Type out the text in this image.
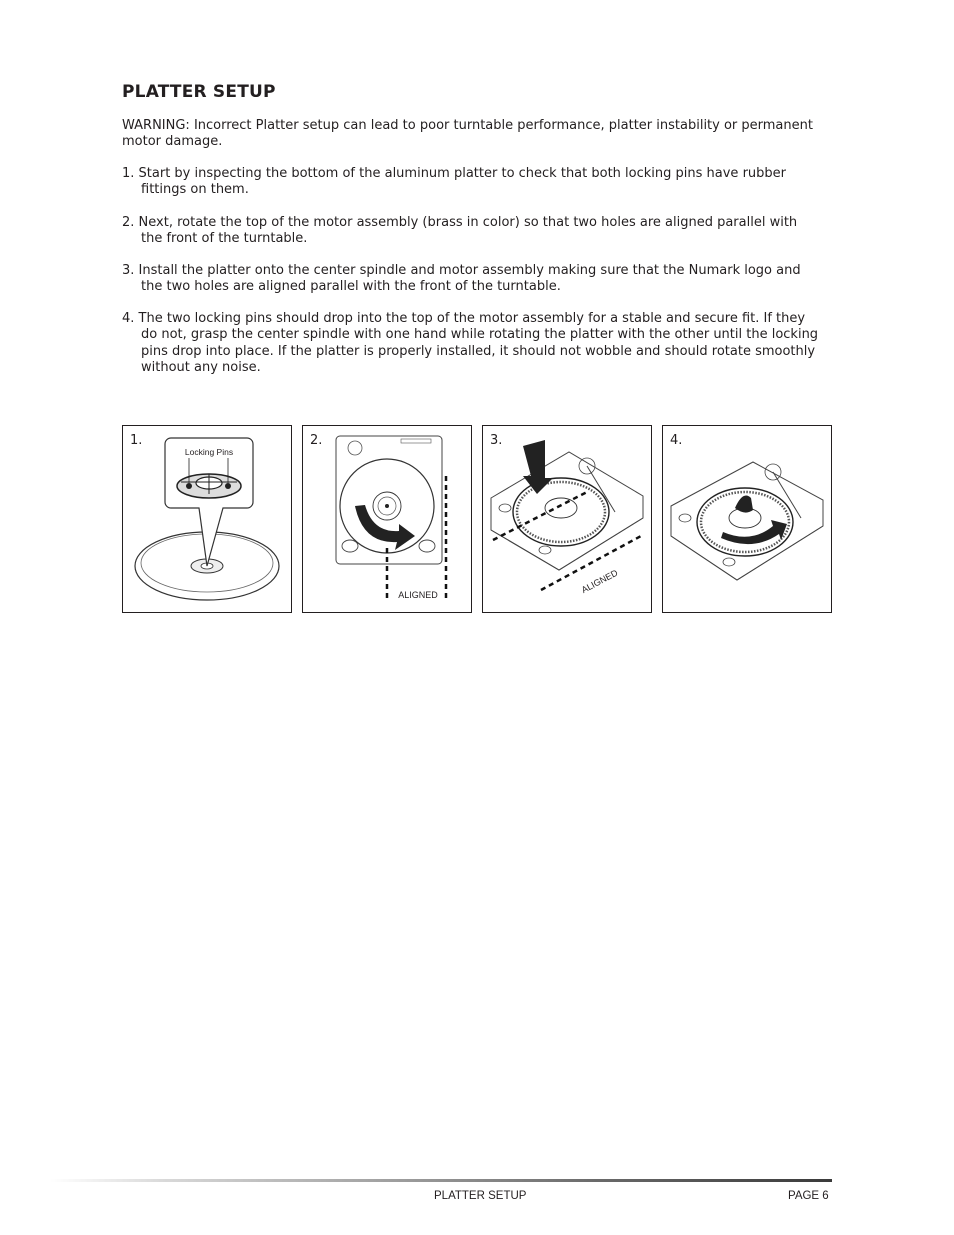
PLATTER SETUP
WARNING: Incorrect Platter setup can lead to poor turntable performance, platter instability or permanent motor damage.
1. Start by inspecting the bottom of the aluminum platter to check that both locking pins have rubber
fittings on them.
2. Next, rotate the top of the motor assembly (brass in color) so that two holes are aligned parallel with
the front of the turntable.
3. Install the platter onto the center spindle and motor assembly making sure that the Numark logo and
the two holes are aligned parallel with the front of the turntable.
4. The two locking pins should drop into the top of the motor assembly for a stable and secure fit. If they
do not, grasp the center spindle with one hand while rotating the platter with the other until the locking pins drop into place. If the platter is properly installed, it should not wobble and should rotate smoothly without any noise.
Locking Pins
1.
ALIGNED
2.
ALIGNED
3.	4.
PLATTER SETUP	PAGE 6
